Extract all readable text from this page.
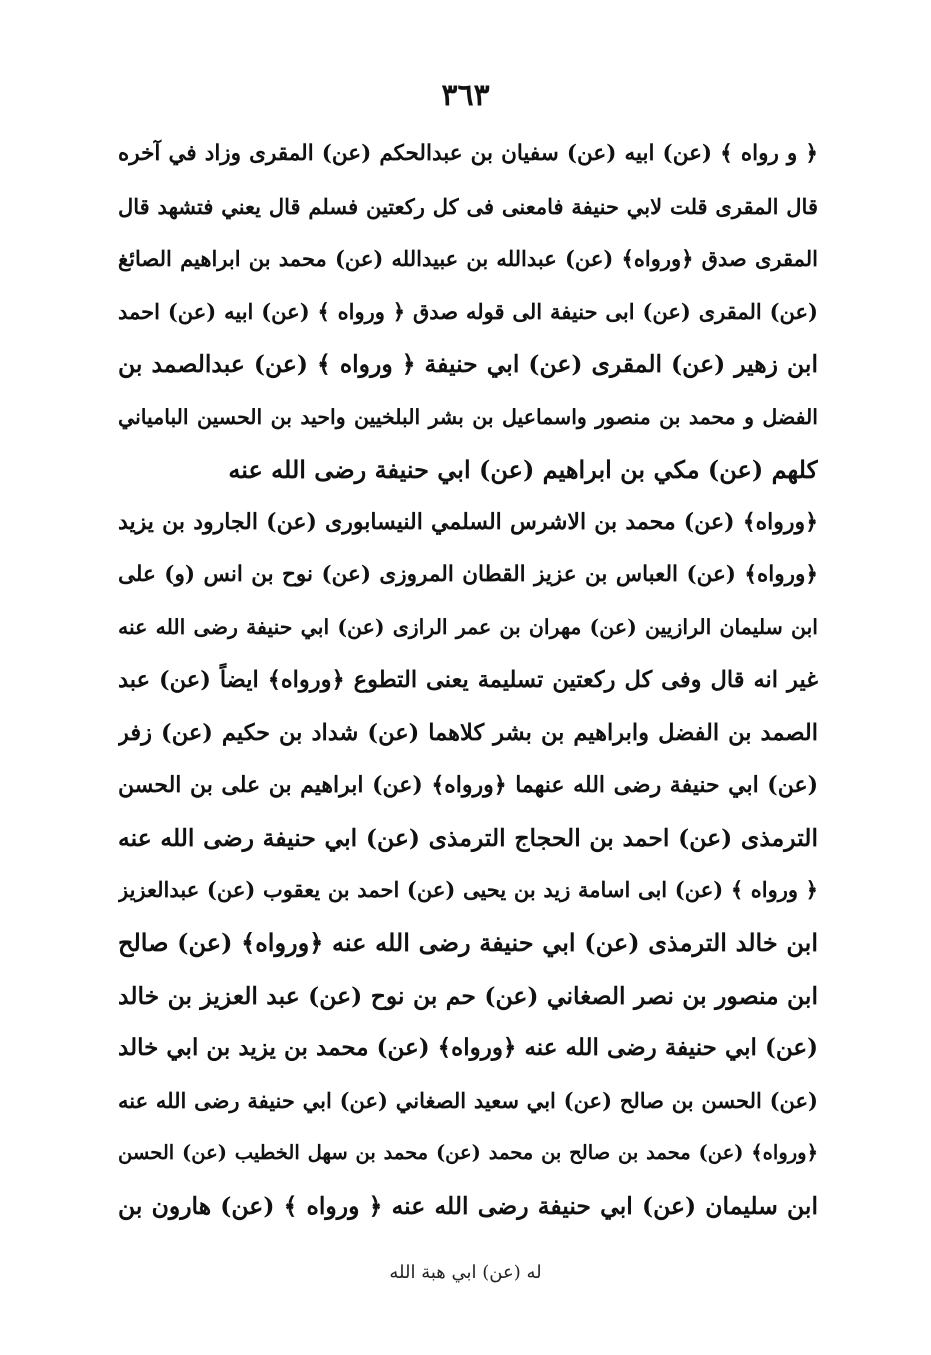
٣٦٣
﴿ و رواه ﴾ (عن) ابيه (عن) سفيان بن عبدالحكم (عن) المقرى وزاد في آخره
قال المقرى قلت لابي حنيفة فامعنى فى كل ركعتين فسلم قال يعني فتشهد قال
المقرى صدق ﴿ورواه﴾ (عن) عبدالله بن عبيدالله (عن) محمد بن ابراهيم الصائغ
(عن) المقرى (عن) ابى حنيفة الى قوله صدق ﴿ ورواه ﴾ (عن) ابيه (عن) احمد
ابن زهير (عن) المقرى (عن) ابي حنيفة ﴿ ورواه ﴾ (عن) عبدالصمد بن
الفضل و محمد بن منصور واسماعيل بن بشر البلخيين واحيد بن الحسين البامياني
كلهم (عن) مكي بن ابراهيم (عن) ابي حنيفة رضى الله عنه
﴿ورواه﴾ (عن) محمد بن الاشرس السلمي النيسابورى (عن) الجارود بن يزيد
﴿ورواه﴾ (عن) العباس بن عزيز القطان المروزى (عن) نوح بن انس (و) على
ابن سليمان الرازيين (عن) مهران بن عمر الرازى (عن) ابي حنيفة رضى الله عنه
غير انه قال وفى كل ركعتين تسليمة يعنى التطوع ﴿ورواه﴾ ايضاً (عن) عبد
الصمد بن الفضل وابراهيم بن بشر كلاهما (عن) شداد بن حكيم (عن) زفر
(عن) ابي حنيفة رضى الله عنهما ﴿ورواه﴾ (عن) ابراهيم بن على بن الحسن
الترمذى (عن) احمد بن الحجاج الترمذى (عن) ابي حنيفة رضى الله عنه
﴿ ورواه ﴾ (عن) ابى اسامة زيد بن يحيى (عن) احمد بن يعقوب (عن) عبدالعزيز
ابن خالد الترمذى (عن) ابي حنيفة رضى الله عنه ﴿ورواه﴾ (عن) صالح
ابن منصور بن نصر الصغاني (عن) حم بن نوح (عن) عبد العزيز بن خالد
(عن) ابي حنيفة رضى الله عنه ﴿ورواه﴾ (عن) محمد بن يزيد بن ابي خالد
(عن) الحسن بن صالح (عن) ابي سعيد الصغاني (عن) ابي حنيفة رضى الله عنه
﴿ورواه﴾ (عن) محمد بن صالح بن محمد (عن) محمد بن سهل الخطيب (عن) الحسن
ابن سليمان (عن) ابي حنيفة رضى الله عنه ﴿ ورواه ﴾ (عن) هارون بن
له (عن) ابي هبة الله
